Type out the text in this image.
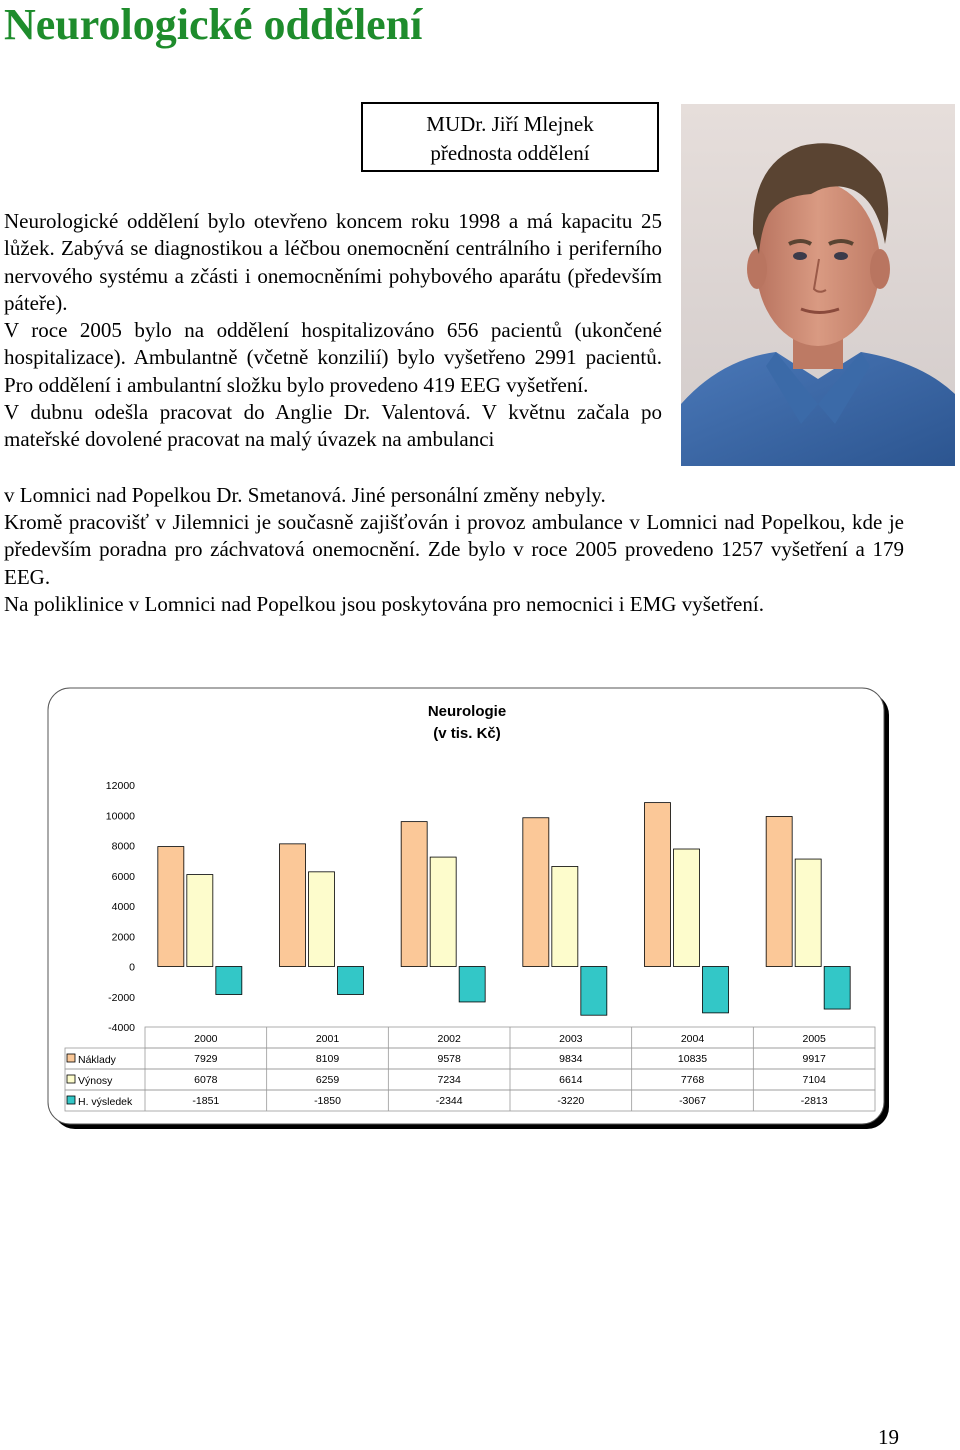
Neurologické oddělení
MUDr. Jiří Mlejnek
přednosta oddělení
Neurologické oddělení bylo otevřeno koncem roku 1998 a má kapacitu 25 lůžek. Zabývá se diagnostikou a léčbou onemocnění centrálního i periferního nervového systému a zčásti i onemocněními pohybového aparátu (především páteře).
V roce 2005 bylo na oddělení hospitalizováno 656 pacientů (ukončené hospitalizace). Ambulantně (včetně konzilií) bylo vyšetřeno 2991 pacientů. Pro oddělení i ambulantní složku bylo provedeno 419 EEG vyšetření.
V dubnu odešla pracovat do Anglie Dr. Valentová. V květnu začala po mateřské dovolené pracovat na malý úvazek na ambulanci
v Lomnici nad Popelkou Dr. Smetanová. Jiné personální změny nebyly.
Kromě pracovišť v Jilemnici je současně zajišťován i provoz ambulance v Lomnici nad Popelkou, kde je především poradna pro záchvatová onemocnění. Zde bylo v roce 2005 provedeno 1257 vyšetření a 179 EEG.
Na poliklinice v Lomnici nad Popelkou jsou poskytována pro nemocnici i EMG vyšetření.
12000
10000
8000
6000
4000
2000
0
-2000
-4000
2000	2001	2002	2003	2004	2005
Náklady	7929	8109	9578	9834	10835	9917
Výnosy	6078	6259	7234	6614	7768	7104
H. výsledek	-1851	-1850	-2344	-3220	-3067	-2813
Neurologie
(v tis. Kč)
19
